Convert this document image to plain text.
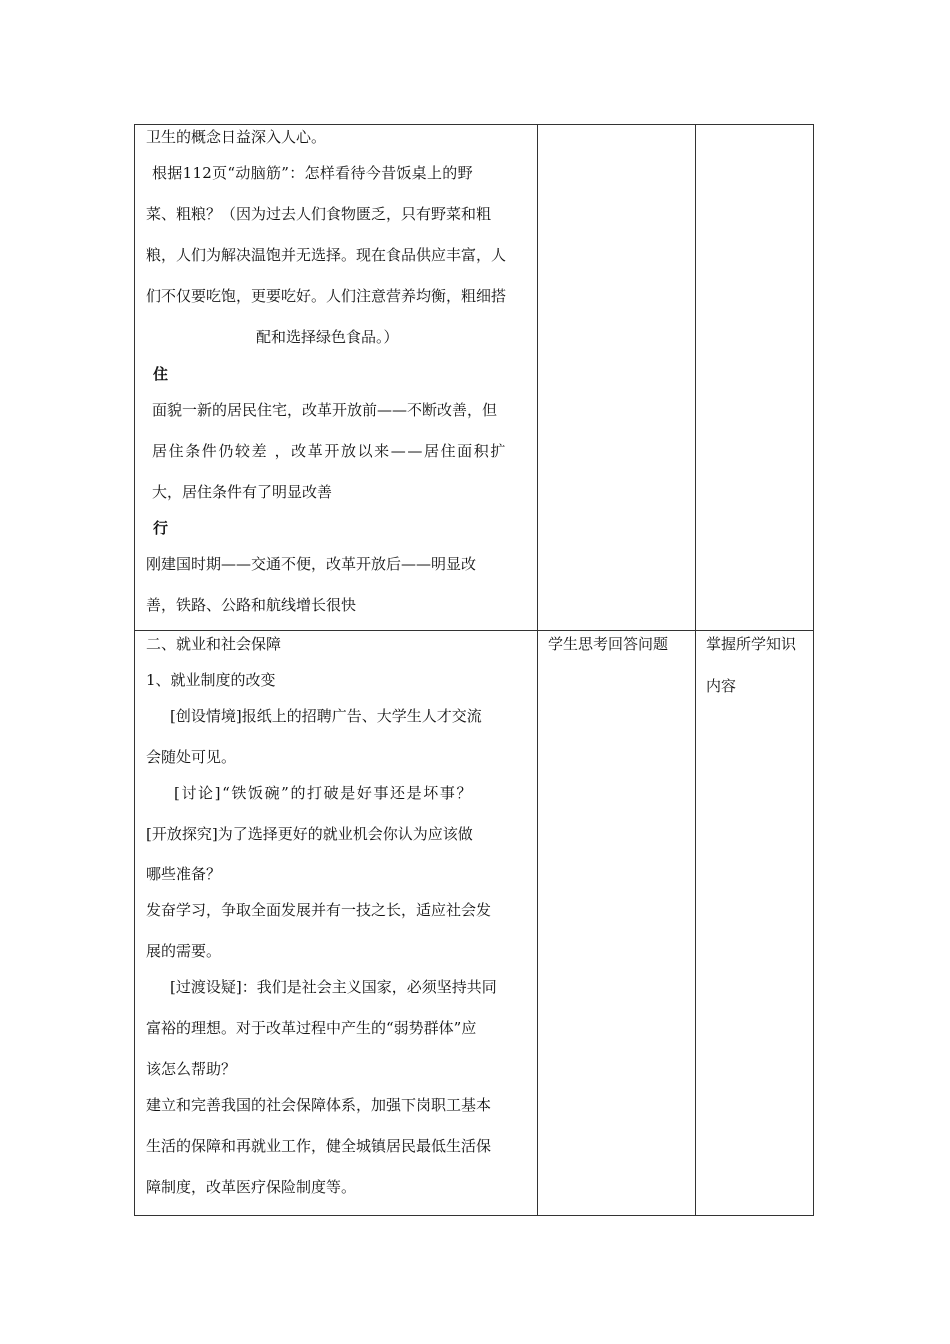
卫生的概念日益深入人心。
根据112页“动脑筋”：怎样看待今昔饭桌上的野
菜、粗粮？（因为过去人们食物匮乏，只有野菜和粗
粮，人们为解决温饱并无选择。现在食品供应丰富，人
们不仅要吃饱，更要吃好。人们注意营养均衡，粗细搭
配和选择绿色食品。）
住
面貌一新的居民住宅，改革开放前——不断改善，但
居住条件仍较差 ，改革开放以来——居住面积扩
大，居住条件有了明显改善
行
刚建国时期——交通不便，改革开放后——明显改
善，铁路、公路和航线增长很快
二、就业和社会保障
1、就业制度的改变
[创设情境]报纸上的招聘广告、大学生人才交流
会随处可见。
[讨论]“铁饭碗”的打破是好事还是坏事？
[开放探究]为了选择更好的就业机会你认为应该做
哪些准备？
发奋学习，争取全面发展并有一技之长，适应社会发
展的需要。
[过渡设疑]：我们是社会主义国家，必须坚持共同
富裕的理想。对于改革过程中产生的“弱势群体”应
该怎么帮助？
建立和完善我国的社会保障体系，加强下岗职工基本
生活的保障和再就业工作，健全城镇居民最低生活保
障制度，改革医疗保险制度等。
学生思考回答问题	掌握所学知识
内容
